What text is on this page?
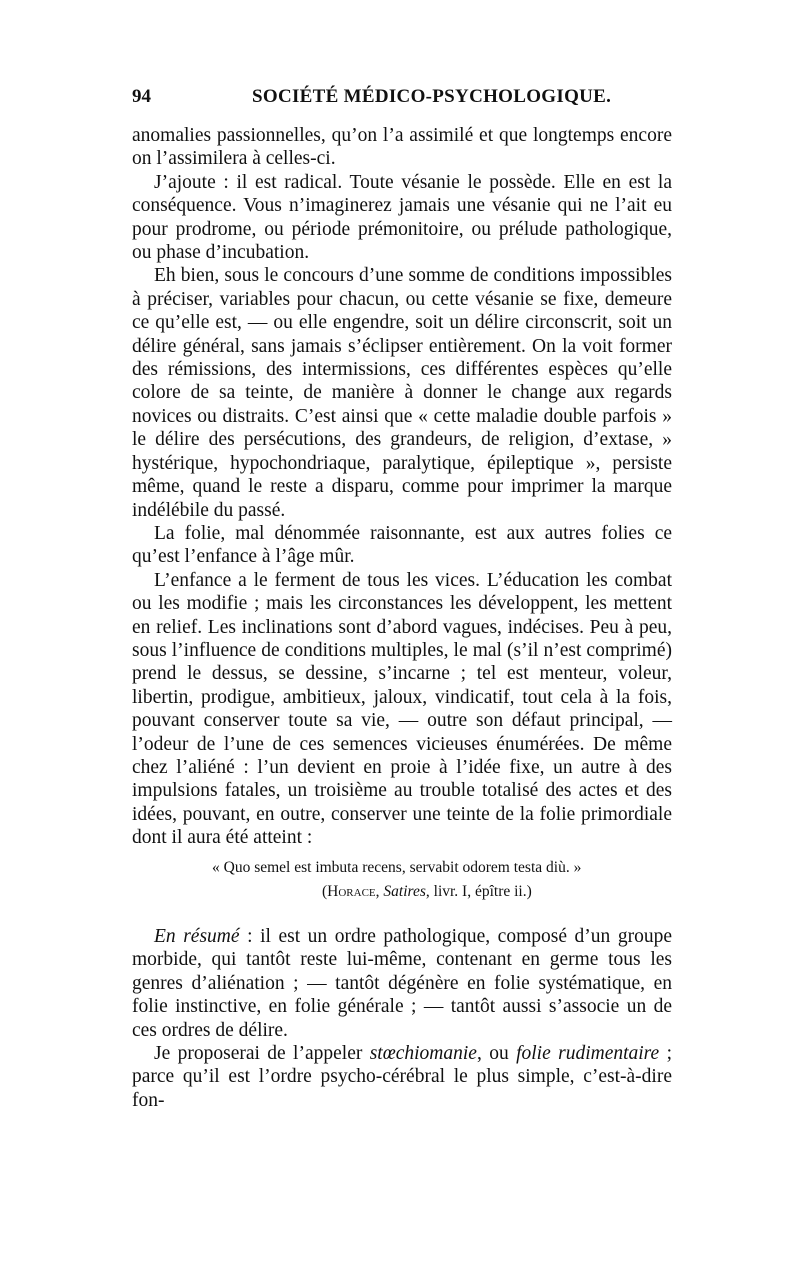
94	SOCIÉTÉ MÉDICO-PSYCHOLOGIQUE.

anomalies passionnelles, qu’on l’a assimilé et que longtemps encore on l’assimilera à celles-ci.

J’ajoute : il est radical. Toute vésanie le possède. Elle en est la conséquence. Vous n’imaginerez jamais une vésanie qui ne l’ait eu pour prodrome, ou période prémonitoire, ou prélude pathologique, ou phase d’incubation.

Eh bien, sous le concours d’une somme de conditions impossibles à préciser, variables pour chacun, ou cette vésanie se fixe, demeure ce qu’elle est, — ou elle engendre, soit un délire circonscrit, soit un délire général, sans jamais s’éclipser entièrement. On la voit former des rémissions, des intermissions, ces différentes espèces qu’elle colore de sa teinte, de manière à donner le change aux regards novices ou distraits. C’est ainsi que « cette maladie double parfois » le délire des persécutions, des grandeurs, de religion, d’extase, » hystérique, hypochondriaque, paralytique, épileptique », persiste même, quand le reste a disparu, comme pour imprimer la marque indélébile du passé.

La folie, mal dénommée raisonnante, est aux autres folies ce qu’est l’enfance à l’âge mûr.

L’enfance a le ferment de tous les vices. L’éducation les combat ou les modifie ; mais les circonstances les développent, les mettent en relief. Les inclinations sont d’abord vagues, indécises. Peu à peu, sous l’influence de conditions multiples, le mal (s’il n’est comprimé) prend le dessus, se dessine, s’incarne ; tel est menteur, voleur, libertin, prodigue, ambitieux, jaloux, vindicatif, tout cela à la fois, pouvant conserver toute sa vie, — outre son défaut principal, — l’odeur de l’une de ces semences vicieuses énumérées. De même chez l’aliéné : l’un devient en proie à l’idée fixe, un autre à des impulsions fatales, un troisième au trouble totalisé des actes et des idées, pouvant, en outre, conserver une teinte de la folie primordiale dont il aura été atteint :

« Quo semel est imbuta recens, servabit odorem testa diù. »
(Horace, Satires, livr. I, épître ii.)

En résumé : il est un ordre pathologique, composé d’un groupe morbide, qui tantôt reste lui-même, contenant en germe tous les genres d’aliénation ; — tantôt dégénère en folie systématique, en folie instinctive, en folie générale ; — tantôt aussi s’associe un de ces ordres de délire.

Je proposerai de l’appeler stœchiomanie, ou folie rudimentaire ; parce qu’il est l’ordre psycho-cérébral le plus simple, c’est-à-dire fon-
